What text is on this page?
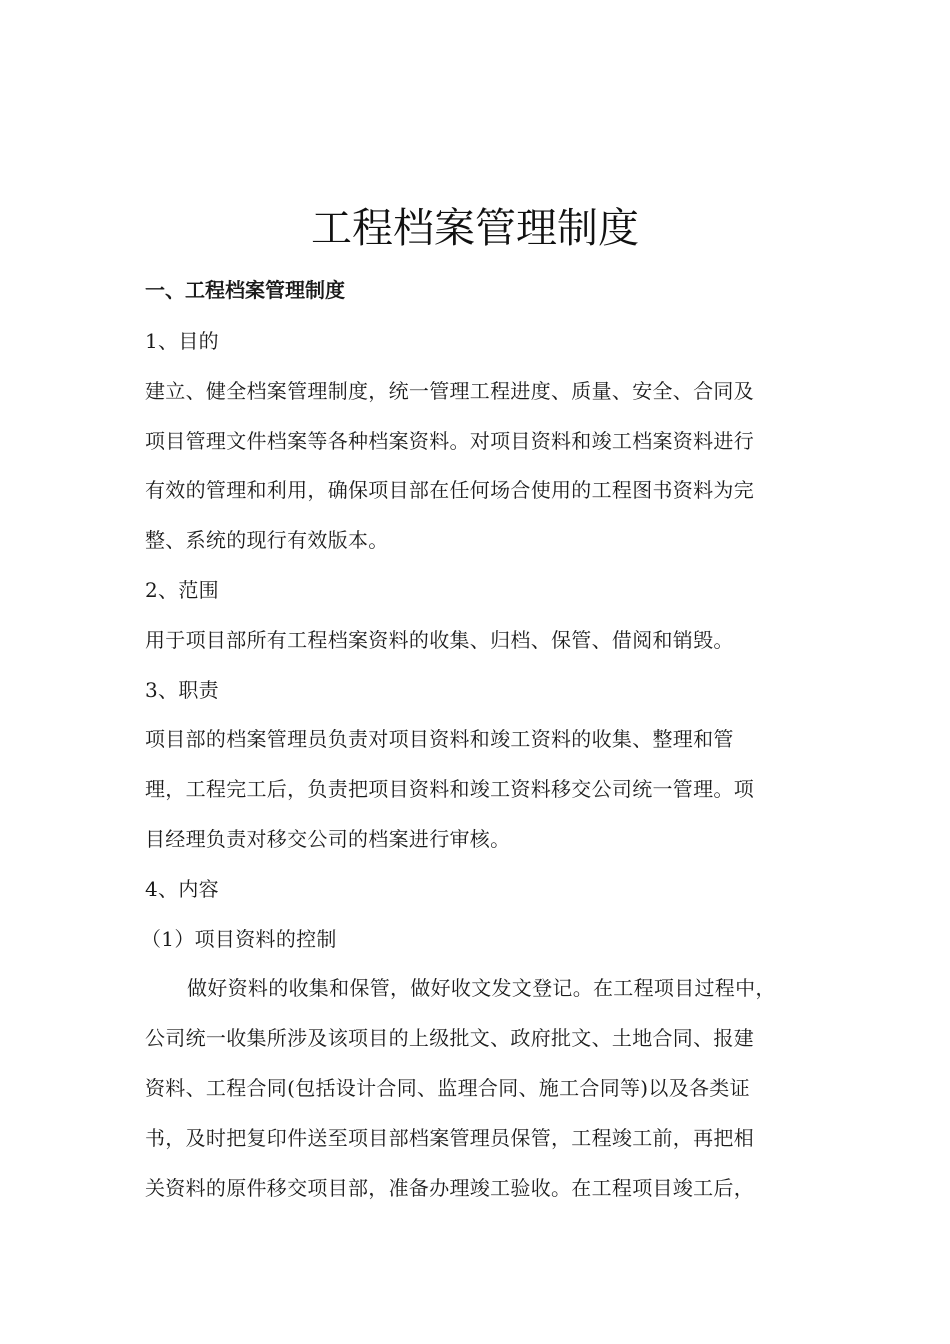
工程档案管理制度
一、工程档案管理制度
1、目的
建立、健全档案管理制度，统一管理工程进度、质量、安全、合同及
项目管理文件档案等各种档案资料。对项目资料和竣工档案资料进行
有效的管理和利用，确保项目部在任何场合使用的工程图书资料为完
整、系统的现行有效版本。
2、范围
用于项目部所有工程档案资料的收集、归档、保管、借阅和销毁。
3、职责
项目部的档案管理员负责对项目资料和竣工资料的收集、整理和管
理，工程完工后，负责把项目资料和竣工资料移交公司统一管理。项
目经理负责对移交公司的档案进行审核。
4、内容
（1）项目资料的控制
做好资料的收集和保管，做好收文发文登记。在工程项目过程中，
公司统一收集所涉及该项目的上级批文、政府批文、土地合同、报建
资料、工程合同(包括设计合同、监理合同、施工合同等)以及各类证
书，及时把复印件送至项目部档案管理员保管，工程竣工前，再把相
关资料的原件移交项目部，准备办理竣工验收。在工程项目竣工后，
